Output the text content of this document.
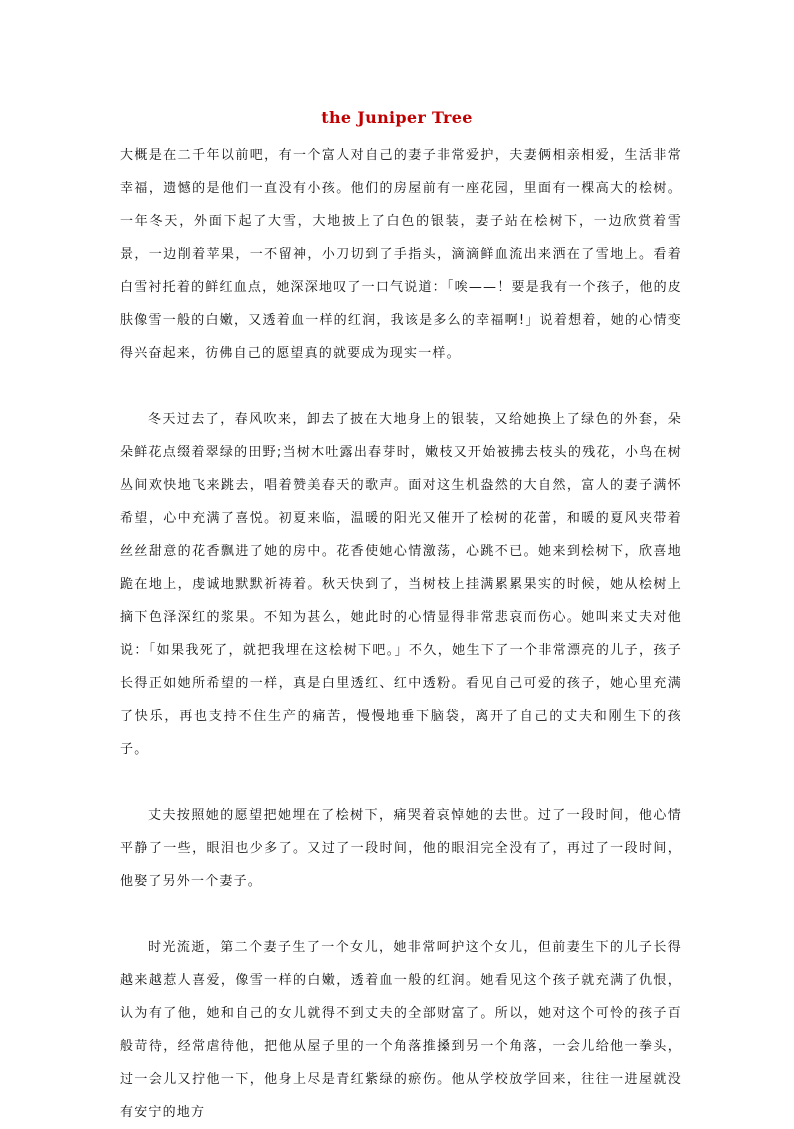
the Juniper Tree

大概是在二千年以前吧，有一个富人对自己的妻子非常爱护，夫妻俩相亲相爱，生活非常幸福，遗憾的是他们一直没有小孩。他们的房屋前有一座花园，里面有一棵高大的桧树。一年冬天，外面下起了大雪，大地披上了白色的银装，妻子站在桧树下，一边欣赏着雪景，一边削着苹果，一不留神，小刀切到了手指头，滴滴鲜血流出来洒在了雪地上。看着白雪衬托着的鲜红血点，她深深地叹了一口气说道：「唉——！要是我有一个孩子，他的皮肤像雪一般的白嫩，又透着血一样的红润，我该是多么的幸福啊!」说着想着，她的心情变得兴奋起来，彷佛自己的愿望真的就要成为现实一样。

冬天过去了，春风吹来，卸去了披在大地身上的银装，又给她换上了绿色的外套，朵朵鲜花点缀着翠绿的田野;当树木吐露出春芽时，嫩枝又开始被拂去枝头的残花，小鸟在树丛间欢快地飞来跳去，唱着赞美春天的歌声。面对这生机盎然的大自然，富人的妻子满怀希望，心中充满了喜悦。初夏来临，温暖的阳光又催开了桧树的花蕾，和暖的夏风夹带着丝丝甜意的花香飘进了她的房中。花香使她心情激荡，心跳不已。她来到桧树下，欣喜地跪在地上，虔诚地默默祈祷着。秋天快到了，当树枝上挂满累累果实的时候，她从桧树上摘下色泽深红的浆果。不知为甚么，她此时的心情显得非常悲哀而伤心。她叫来丈夫对他说：「如果我死了，就把我埋在这桧树下吧。」不久，她生下了一个非常漂亮的儿子，孩子长得正如她所希望的一样，真是白里透红、红中透粉。看见自己可爱的孩子，她心里充满了快乐，再也支持不住生产的痛苦，慢慢地垂下脑袋，离开了自己的丈夫和刚生下的孩子。

丈夫按照她的愿望把她埋在了桧树下，痛哭着哀悼她的去世。过了一段时间，他心情平静了一些，眼泪也少多了。又过了一段时间，他的眼泪完全没有了，再过了一段时间，他娶了另外一个妻子。

时光流逝，第二个妻子生了一个女儿，她非常呵护这个女儿，但前妻生下的儿子长得越来越惹人喜爱，像雪一样的白嫩，透着血一般的红润。她看见这个孩子就充满了仇恨，认为有了他，她和自己的女儿就得不到丈夫的全部财富了。所以，她对这个可怜的孩子百般苛待，经常虐待他，把他从屋子里的一个角落推搡到另一个角落，一会儿给他一拳头，过一会儿又拧他一下，他身上尽是青红紫绿的瘀伤。他从学校放学回来，往往一进屋就没有安宁的地方
